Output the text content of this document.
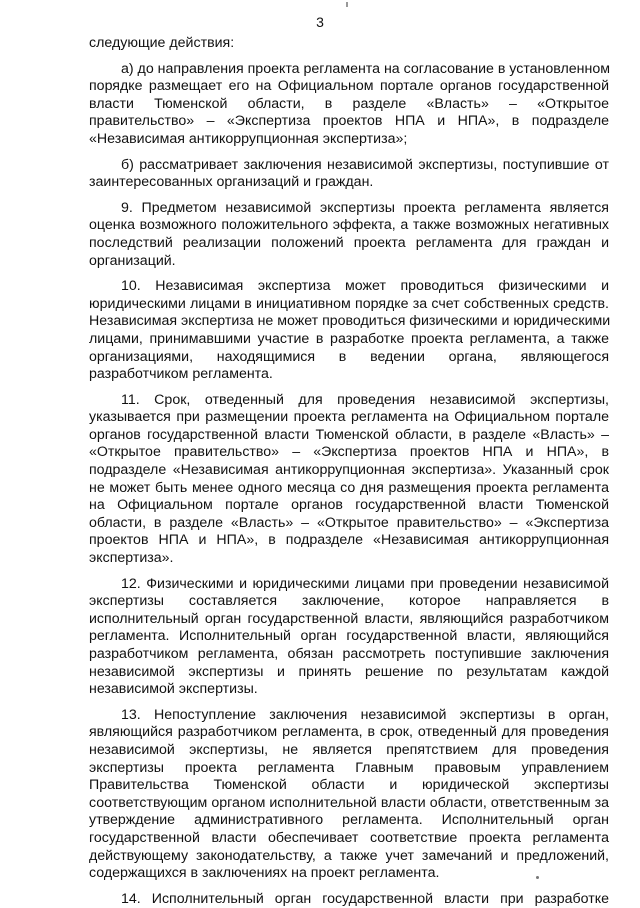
3
следующие действия:
а) до направления проекта регламента на согласование в установленном
порядке размещает его на Официальном портале органов государственной
власти Тюменской области, в разделе «Власть» – «Открытое
правительство» – «Экспертиза проектов НПА и НПА», в подразделе
«Независимая антикоррупционная экспертиза»;
б) рассматривает заключения независимой экспертизы, поступившие от
заинтересованных организаций и граждан.
9. Предметом независимой экспертизы проекта регламента является
оценка возможного положительного эффекта, а также возможных негативных
последствий реализации положений проекта регламента для граждан и
организаций.
10. Независимая экспертиза может проводиться физическими и
юридическими лицами в инициативном порядке за счет собственных средств.
Независимая экспертиза не может проводиться физическими и юридическими
лицами, принимавшими участие в разработке проекта регламента, а также
организациями, находящимися в ведении органа, являющегося
разработчиком регламента.
11. Срок, отведенный для проведения независимой экспертизы,
указывается при размещении проекта регламента на Официальном портале
органов государственной власти Тюменской области, в разделе «Власть» –
«Открытое правительство» – «Экспертиза проектов НПА и НПА», в
подразделе «Независимая антикоррупционная экспертиза». Указанный срок
не может быть менее одного месяца со дня размещения проекта регламента
на Официальном портале органов государственной власти Тюменской
области, в разделе «Власть» – «Открытое правительство» – «Экспертиза
проектов НПА и НПА», в подразделе «Независимая антикоррупционная
экспертиза».
12. Физическими и юридическими лицами при проведении независимой
экспертизы составляется заключение, которое направляется в
исполнительный орган государственной власти, являющийся разработчиком
регламента. Исполнительный орган государственной власти, являющийся
разработчиком регламента, обязан рассмотреть поступившие заключения
независимой экспертизы и принять решение по результатам каждой
независимой экспертизы.
13. Непоступление заключения независимой экспертизы в орган,
являющийся разработчиком регламента, в срок, отведенный для проведения
независимой экспертизы, не является препятствием для проведения
экспертизы проекта регламента Главным правовым управлением
Правительства Тюменской области и юридической экспертизы
соответствующим органом исполнительной власти области, ответственным за
утверждение административного регламента. Исполнительный орган
государственной власти обеспечивает соответствие проекта регламента
действующему законодательству, а также учет замечаний и предложений,
содержащихся в заключениях на проект регламента.
14. Исполнительный орган государственной власти при разработке
